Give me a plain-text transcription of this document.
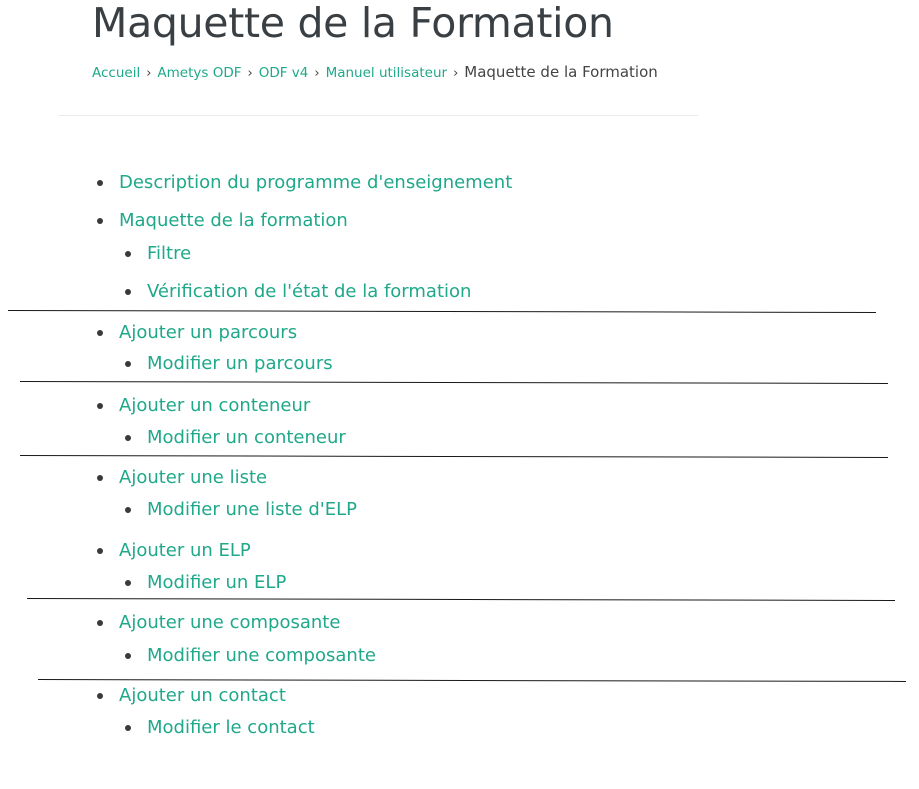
Maquette de la Formation
Accueil › Ametys ODF › ODF v4 › Manuel utilisateur › Maquette de la Formation
Description du programme d'enseignement
Maquette de la formation
Filtre
Vérification de l'état de la formation
Ajouter un parcours
Modifier un parcours
Ajouter un conteneur
Modifier un conteneur
Ajouter une liste
Modifier une liste d'ELP
Ajouter un ELP
Modifier un ELP
Ajouter une composante
Modifier une composante
Ajouter un contact
Modifier le contact
